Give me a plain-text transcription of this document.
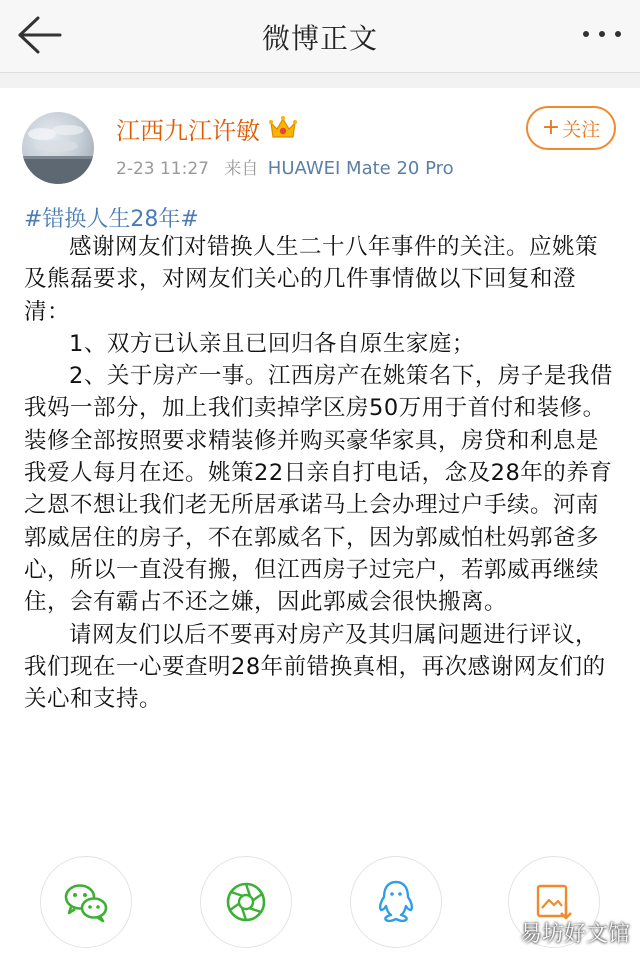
微博正文
江西九江许敏
2-23 11:27 来自 HUAWEI Mate 20 Pro
+ 关注
#错换人生28年#

感谢网友们对错换人生二十八年事件的关注。应姚策及熊磊要求，对网友们关心的几件事情做以下回复和澄清：

1、双方已认亲且已回归各自原生家庭；

2、关于房产一事。江西房产在姚策名下，房子是我借我妈一部分，加上我们卖掉学区房50万用于首付和装修。装修全部按照要求精装修并购买豪华家具，房贷和利息是我爱人每月在还。姚策22日亲自打电话，念及28年的养育之恩不想让我们老无所居承诺马上会办理过户手续。河南郭威居住的房子，不在郭威名下，因为郭威怕杜妈郭爸多心，所以一直没有搬，但江西房子过完户，若郭威再继续住，会有霸占不还之嫌，因此郭威会很快搬离。

请网友们以后不要再对房产及其归属问题进行评议，我们现在一心要查明28年前错换真相，再次感谢网友们的关心和支持。

易坊好文馆
